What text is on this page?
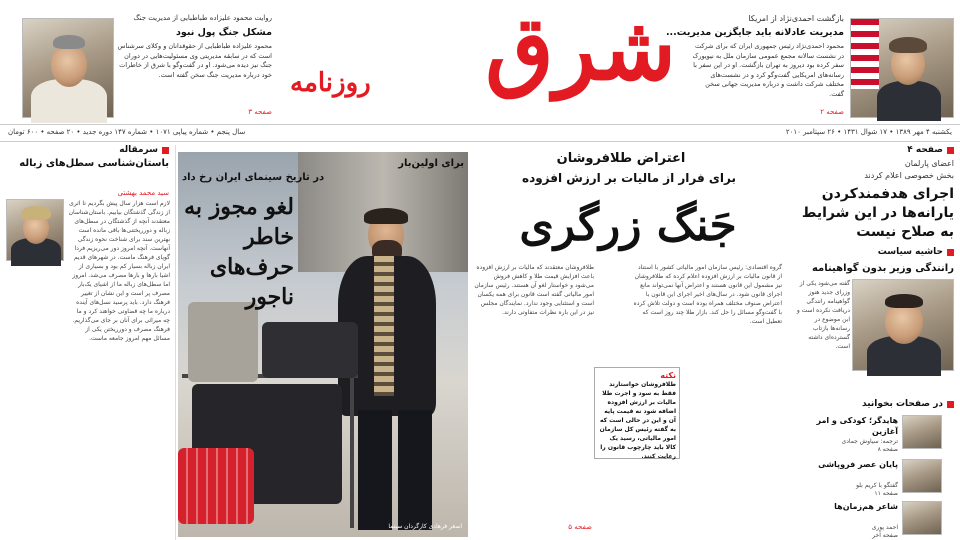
بازگشت احمدی‌نژاد از امریکا
مدیریت عادلانه باید جایگزین مدیریت...
محمود احمدی‌نژاد رئیس جمهوری ایران که برای شرکت در نشست سالانه مجمع عمومی سازمان ملل به نیویورک سفر کرده بود دیروز به تهران بازگشت. او در این سفر با رسانه‌های امریکایی گفت‌وگو کرد و در نشست‌های مختلف شرکت داشت و درباره مدیریت جهانی سخن گفت.
صفحه ۲
شرق
روزنامه
روایت محمود علیزاده طباطبایی از مدیریت جنگ
مشکل جنگ پول نبود
محمود علیزاده طباطبایی از حقوقدانان و وکلای سرشناس است که در سابقه مدیریتی وی مسئولیت‌هایی در دوران جنگ نیز دیده می‌شود. او در گفت‌وگو با شرق از خاطرات خود درباره مدیریت جنگ سخن گفته است.
صفحه ۳
یکشنبه ۴ مهر ۱۳۸۹ • ۱۷ شوال ۱۴۳۱ • ۲۶ سپتامبر ۲۰۱۰
سال پنجم • شماره پیاپی ۱۰۷۱ • شماره ۱۴۷ دوره جدید • ۲۰ صفحه • ۶۰۰ تومان
صفحه ۴
اعضای پارلمان
بخش خصوصی اعلام کردند
اجرای هدفمندکردن یارانه‌ها در این شرایط به صلاح نیست
حاشیه سیاست
رانندگی وزیر بدون گواهینامه
گفته می‌شود یکی از وزرای جدید هنوز گواهینامه رانندگی دریافت نکرده است و این موضوع در رسانه‌ها بازتاب گسترده‌ای داشته است.
در صفحات بخوانید
هایدگر؛ کودکی و امر آغازین
ترجمه: سیاوش جمادی
صفحه ۸
پایان عصر فروپاشی
گفتگو با کریم بلو
صفحه ۱۱
شاعر هم‌زمان‌ها
احمد پوری
صفحه آخر
اعتراض طلافروشان
برای فرار از مالیات بر ارزش افزوده
جَنگ زرگری
گروه اقتصادی: رئیس سازمان امور مالیاتی کشور با استناد از قانون مالیات بر ارزش افزوده اعلام کرده که طلافروشان نیز مشمول این قانون هستند و اعتراض آنها نمی‌تواند مانع اجرای قانون شود. در سال‌های اخیر اجرای این قانون با اعتراض صنوف مختلف همراه بوده است و دولت تلاش کرده با گفت‌وگو مسائل را حل کند. بازار طلا چند روز است که تعطیل است.
طلافروشان معتقدند که مالیات بر ارزش افزوده باعث افزایش قیمت طلا و کاهش فروش می‌شود و خواستار لغو آن هستند. رئیس سازمان امور مالیاتی گفته است قانون برای همه یکسان است و استثنایی وجود ندارد. نمایندگان مجلس نیز در این باره نظرات متفاوتی دارند.
نکته
طلافروشان خواستارند فقط به سود و اجرت طلا مالیات بر ارزش افزوده اضافه شود نه قیمت پایه آن و این در حالی است که به گفته رئیس کل سازمان امور مالیاتی، رسید یک کالا باید چارچوب قانون را رعایت کنند.
صفحه ۵
برای اولین‌بار
در تاریخ سینمای ایران رخ داد
لغو مجوز به خاطر حرف‌های ناجور
اصغر فرهادی کارگردان سینما
سرمقاله
باستان‌شناسی سطل‌های زباله
سید محمد بهشتی
لازم است هزار سال پیش بگردیم تا اثری از زندگی گذشتگان بیابیم. باستان‌شناسان معتقدند آنچه از گذشتگان در سطل‌های زباله و دورریختنی‌ها باقی مانده است بهترین سند برای شناخت نحوه زندگی آنهاست. آنچه امروز دور می‌ریزیم فردا گویای فرهنگ ماست. در شهرهای قدیم ایران زباله بسیار کم بود و بسیاری از اشیا بارها و بارها مصرف می‌شد. امروز اما سطل‌های زباله ما از اشیای یک‌بار مصرف پر است و این نشان از تغییر فرهنگ دارد. باید پرسید نسل‌های آینده درباره ما چه قضاوتی خواهند کرد و ما چه میراثی برای آنان بر جای می‌گذاریم. فرهنگ مصرف و دورریختن یکی از مسائل مهم امروز جامعه ماست.
